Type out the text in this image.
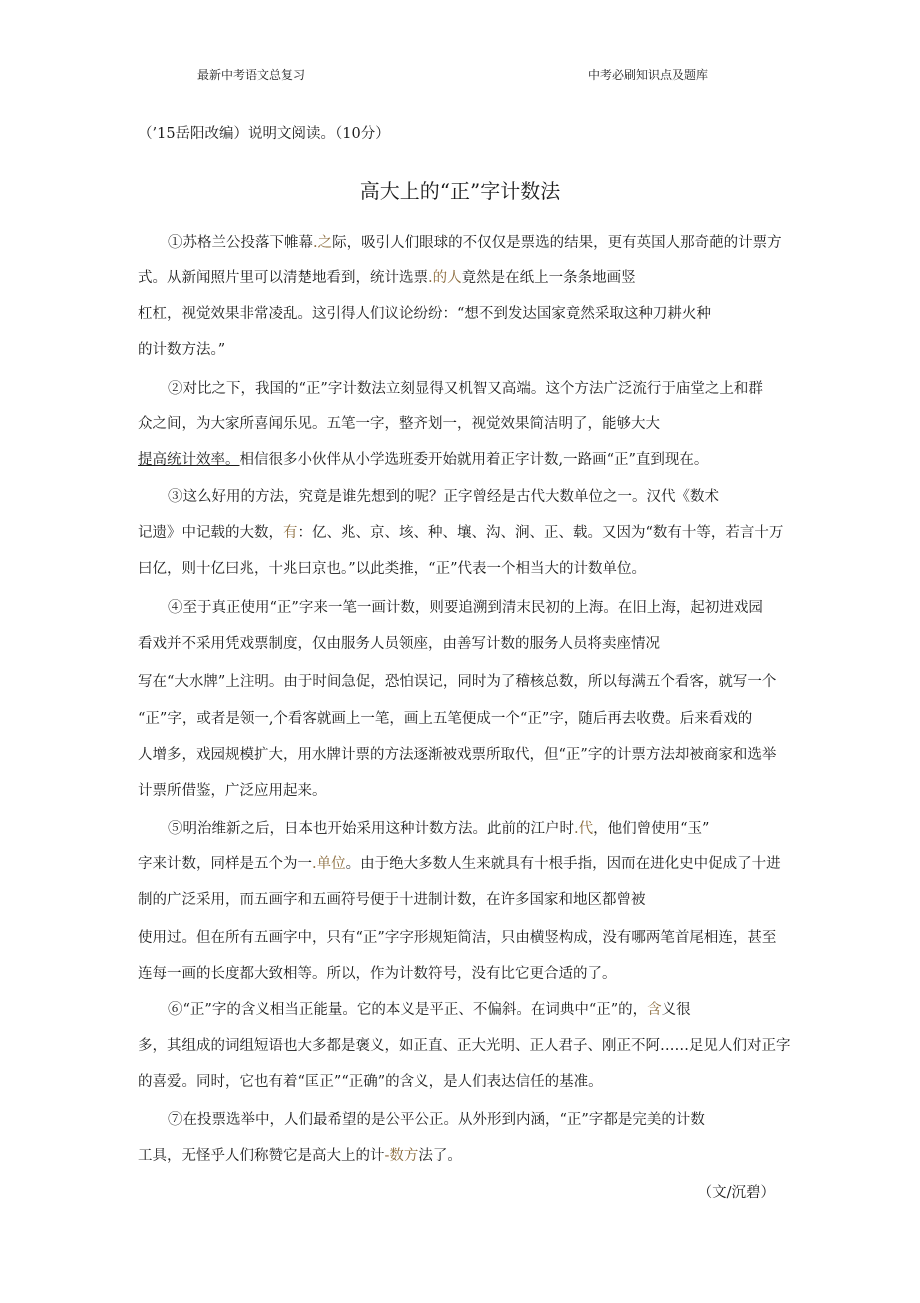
最新中考语文总复习	中考必刷知识点及题库
（’15岳阳改编）说明文阅读。（10分）
高大上的“正”字计数法
①苏格兰公投落下帷幕.之际，吸引人们眼球的不仅仅是票选的结果，更有英国人那奇葩的计票方
式。从新闻照片里可以清楚地看到，统计选票.的人竟然是在纸上一条条地画竖
杠杠，视觉效果非常凌乱。这引得人们议论纷纷：“想不到发达国家竟然采取这种刀耕火种
的计数方法。”
②对比之下，我国的“正”字计数法立刻显得又机智又高端。这个方法广泛流行于庙堂之上和群
众之间，为大家所喜闻乐见。五笔一字，整齐划一，视觉效果简洁明了，能够大大
提高统计效率。相信很多小伙伴从小学选班委开始就用着正字计数,一路画“正”直到现在。
③这么好用的方法，究竟是谁先想到的呢？正字曾经是古代大数单位之一。汉代《数术
记遗》中记载的大数，有：亿、兆、京、垓、种、壤、沟、涧、正、载。又因为“数有十等，若言十万
曰亿，则十亿曰兆，十兆曰京也。”以此类推，“正”代表一个相当大的计数单位。
④至于真正使用“正”字来一笔一画计数，则要追溯到清末民初的上海。在旧上海，起初进戏园
看戏并不采用凭戏票制度，仅由服务人员领座，由善写计数的服务人员将卖座情况
写在“大水牌”上注明。由于时间急促，恐怕误记，同时为了稽核总数，所以每满五个看客，就写一个
“正”字，或者是领一,个看客就画上一笔，画上五笔便成一个“正”字，随后再去收费。后来看戏的
人增多，戏园规模扩大，用水牌计票的方法逐渐被戏票所取代，但“正”字的计票方法却被商家和选举
计票所借鉴，广泛应用起来。
⑤明治维新之后，日本也开始采用这种计数方法。此前的江户时.代，他们曾使用“玉”
字来计数，同样是五个为一.单位。由于绝大多数人生来就具有十根手指，因而在进化史中促成了十进
制的广泛采用，而五画字和五画符号便于十进制计数，在许多国家和地区都曾被
使用过。但在所有五画字中，只有“正”字字形规矩简洁，只由横竖构成，没有哪两笔首尾相连，甚至
连每一画的长度都大致相等。所以，作为计数符号，没有比它更合适的了。
⑥“正”字的含义相当正能量。它的本义是平正、不偏斜。在词典中“正”的，含义很
多，其组成的词组短语也大多都是褒义，如正直、正大光明、正人君子、刚正不阿……足见人们对正字
的喜爱。同时，它也有着“匡正”“正确”的含义，是人们表达信任的基准。
⑦在投票选举中，人们最希望的是公平公正。从外形到内涵，“正”字都是完美的计数
工具，无怪乎人们称赞它是高大上的计-数方法了。
（文/沉碧）
